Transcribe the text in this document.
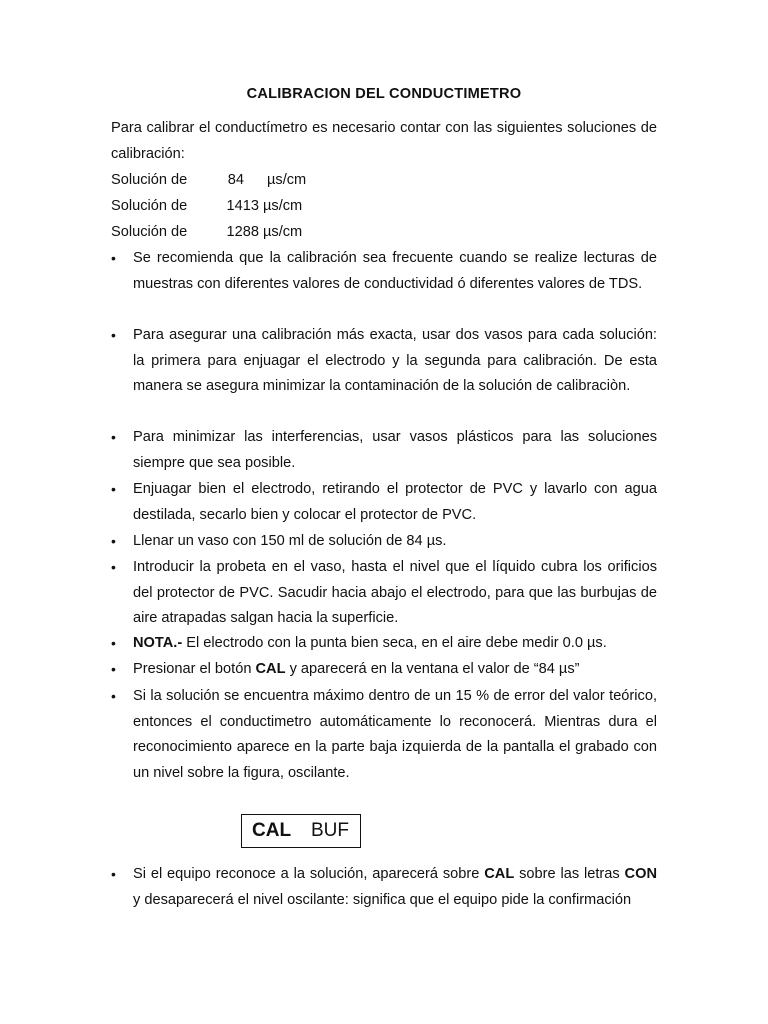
CALIBRACION DEL CONDUCTIMETRO
Para calibrar el conductímetro es necesario contar con las siguientes soluciones de calibración:
Solución de	84 µs/cm
Solución de	1413 µs/cm
Solución de	1288 µs/cm
•	Se recomienda que la calibración sea frecuente cuando se realize lecturas de muestras con diferentes valores de conductividad ó diferentes valores de TDS.
•	Para asegurar una calibración más exacta, usar dos vasos para cada solución: la primera para enjuagar el electrodo y la segunda para calibración. De esta manera se asegura minimizar la contaminación de la solución de calibraciòn.
•	Para minimizar las interferencias, usar vasos plásticos para las soluciones siempre que sea posible.
•	Enjuagar bien el electrodo, retirando el protector de PVC y lavarlo con agua destilada, secarlo bien y colocar el protector de PVC.
•	Llenar un vaso con 150 ml de solución de 84 µs.
•	Introducir la probeta en el vaso, hasta el nivel que el líquido cubra los orificios del protector de PVC. Sacudir hacia abajo el electrodo, para que las burbujas de aire atrapadas salgan hacia la superficie.
•	NOTA.- El electrodo con la punta bien seca, en el aire debe medir 0.0 µs.
•	Presionar el botón CAL y aparecerá en la ventana el valor de “84 µs”
•	Si la solución se encuentra máximo dentro de un 15 % de error del valor teórico, entonces el conductimetro automáticamente lo reconocerá. Mientras dura el reconocimiento aparece en la parte baja izquierda de la pantalla el grabado con un nivel sobre la figura, oscilante.
CAL BUF
•	Si el equipo reconoce a la solución, aparecerá sobre CAL sobre las letras CON y desaparecerá el nivel oscilante: significa que el equipo pide la confirmación
